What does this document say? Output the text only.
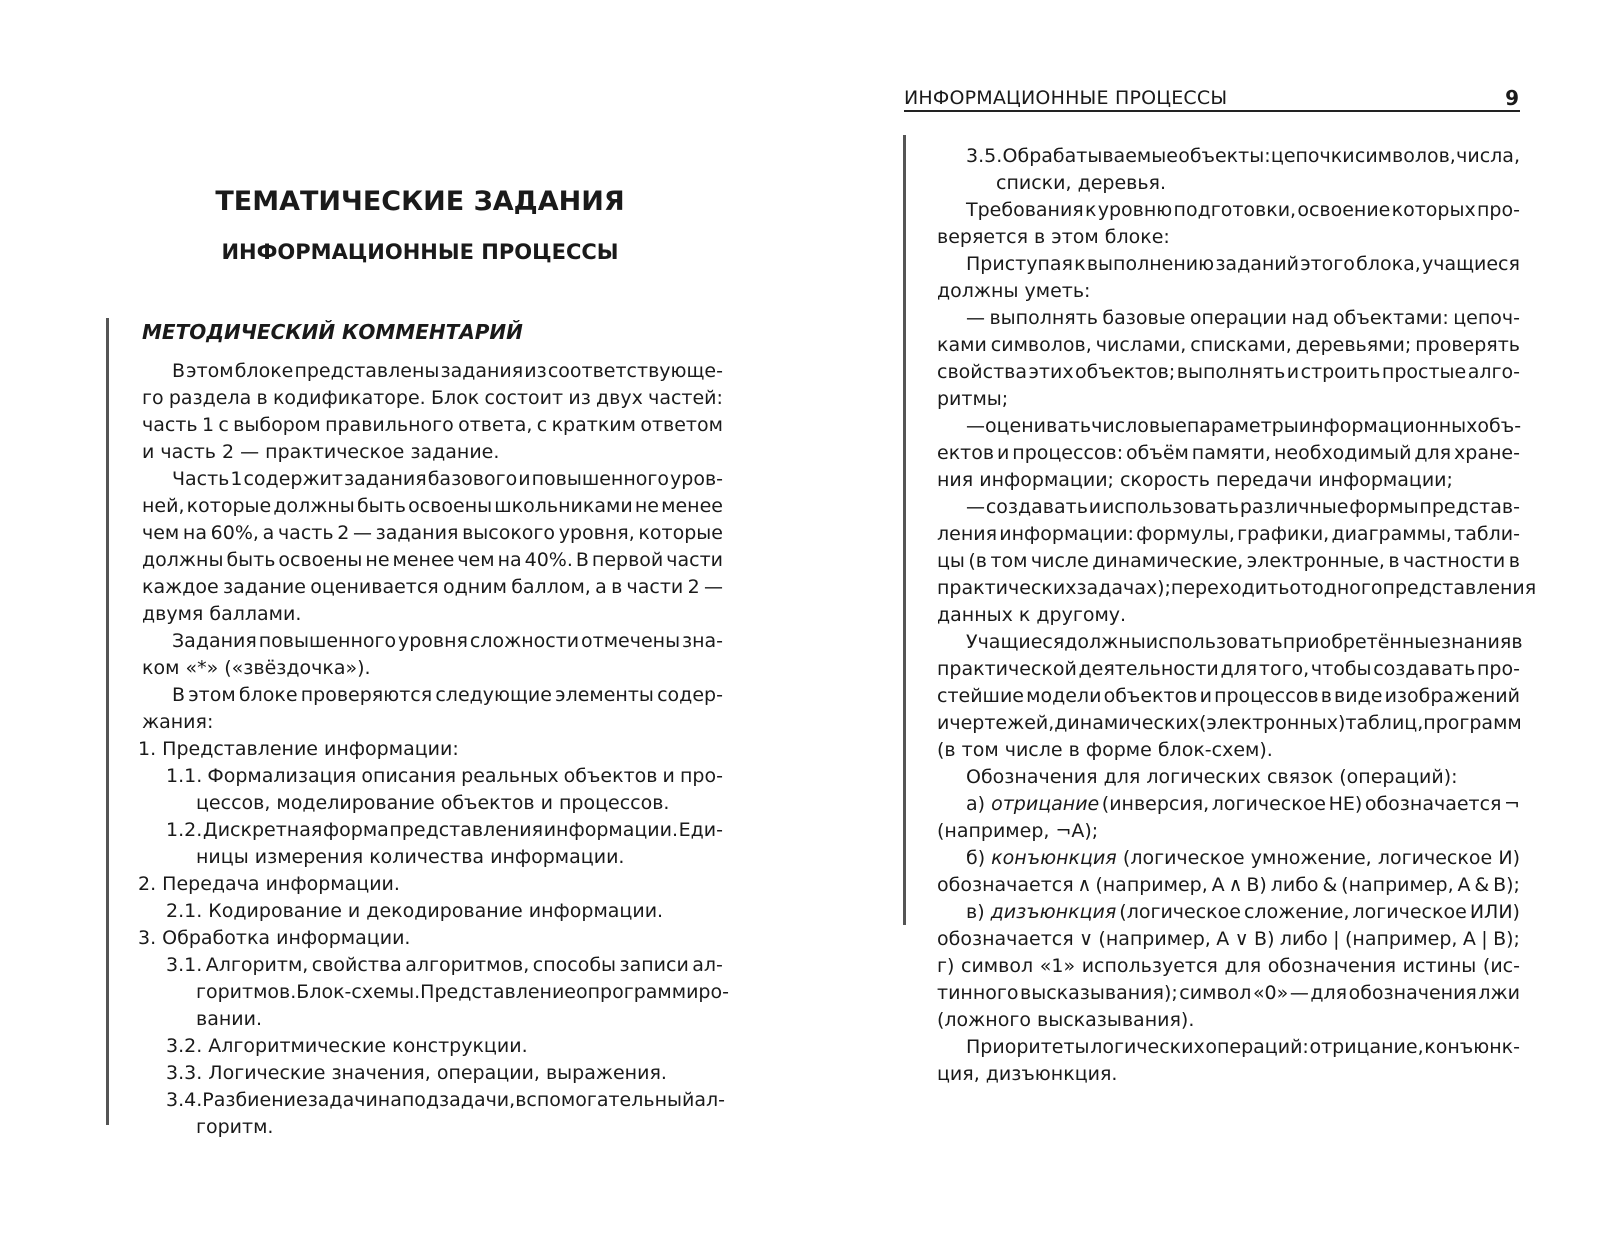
ТЕМАТИЧЕСКИЕ ЗАДАНИЯ
ИНФОРМАЦИОННЫЕ ПРОЦЕССЫ
МЕТОДИЧЕСКИЙ КОММЕНТАРИЙ
В этом блоке представлены задания из соответствующе-
го раздела в кодификаторе. Блок состоит из двух частей:
часть 1 с выбором правильного ответа, с кратким ответом
и часть 2 — практическое задание.
Часть 1 содержит задания базового и повышенного уров-
ней, которые должны быть освоены школьниками не менее
чем на 60%, а часть 2 — задания высокого уровня, которые
должны быть освоены не менее чем на 40%. В первой части
каждое задание оценивается одним баллом, а в части 2 —
двумя баллами.
Задания повышенного уровня сложности отмечены зна-
ком «*» («звёздочка»).
В этом блоке проверяются следующие элементы содер-
жания:
1. Представление информации:
1.1. Формализация описания реальных объектов и про-
цессов, моделирование объектов и процессов.
1.2. Дискретная форма представления информации. Еди-
ницы измерения количества информации.
2. Передача информации.
2.1. Кодирование и декодирование информации.
3. Обработка информации.
3.1. Алгоритм, свойства алгоритмов, способы записи ал-
горитмов. Блок-схемы. Представление о программиро-
вании.
3.2. Алгоритмические конструкции.
3.3. Логические значения, операции, выражения.
3.4. Разбиение задачи на подзадачи, вспомогательный ал-
горитм.
ИНФОРМАЦИОННЫЕ ПРОЦЕССЫ	9
3.5. Обрабатываемые объекты: цепочки символов, числа,
списки, деревья.
Требования к уровню подготовки, освоение которых про-
веряется в этом блоке:
Приступая к выполнению заданий этого блока, учащиеся
должны уметь:
— выполнять базовые операции над объектами: цепоч-
ками символов, числами, списками, деревьями; проверять
свойства этих объектов; выполнять и строить простые алго-
ритмы;
— оценивать числовые параметры информационных объ-
ектов и процессов: объём памяти, необходимый для хране-
ния информации; скорость передачи информации;
— создавать и использовать различные формы представ-
ления информации: формулы, графики, диаграммы, табли-
цы (в том числе динамические, электронные, в частности в
практических задачах); переходить от одного представления
данных к другому.
Учащиеся должны использовать приобретённые знания в
практической деятельности для того, чтобы создавать про-
стейшие модели объектов и процессов в виде изображений
и чертежей, динамических (электронных) таблиц, программ
(в том числе в форме блок-схем).
Обозначения для логических связок (операций):
а) отрицание (инверсия, логическое НЕ) обозначается ¬
(например, ¬A);
б) конъюнкция (логическое умножение, логическое И)
обозначается ∧ (например, A ∧ B) либо & (например, A & B);
в) дизъюнкция (логическое сложение, логическое ИЛИ)
обозначается ∨ (например, A ∨ B) либо | (например, A | B);
г) символ «1» используется для обозначения истины (ис-
тинного высказывания); символ «0» — для обозначения лжи
(ложного высказывания).
Приоритеты логических операций: отрицание, конъюнк-
ция, дизъюнкция.
